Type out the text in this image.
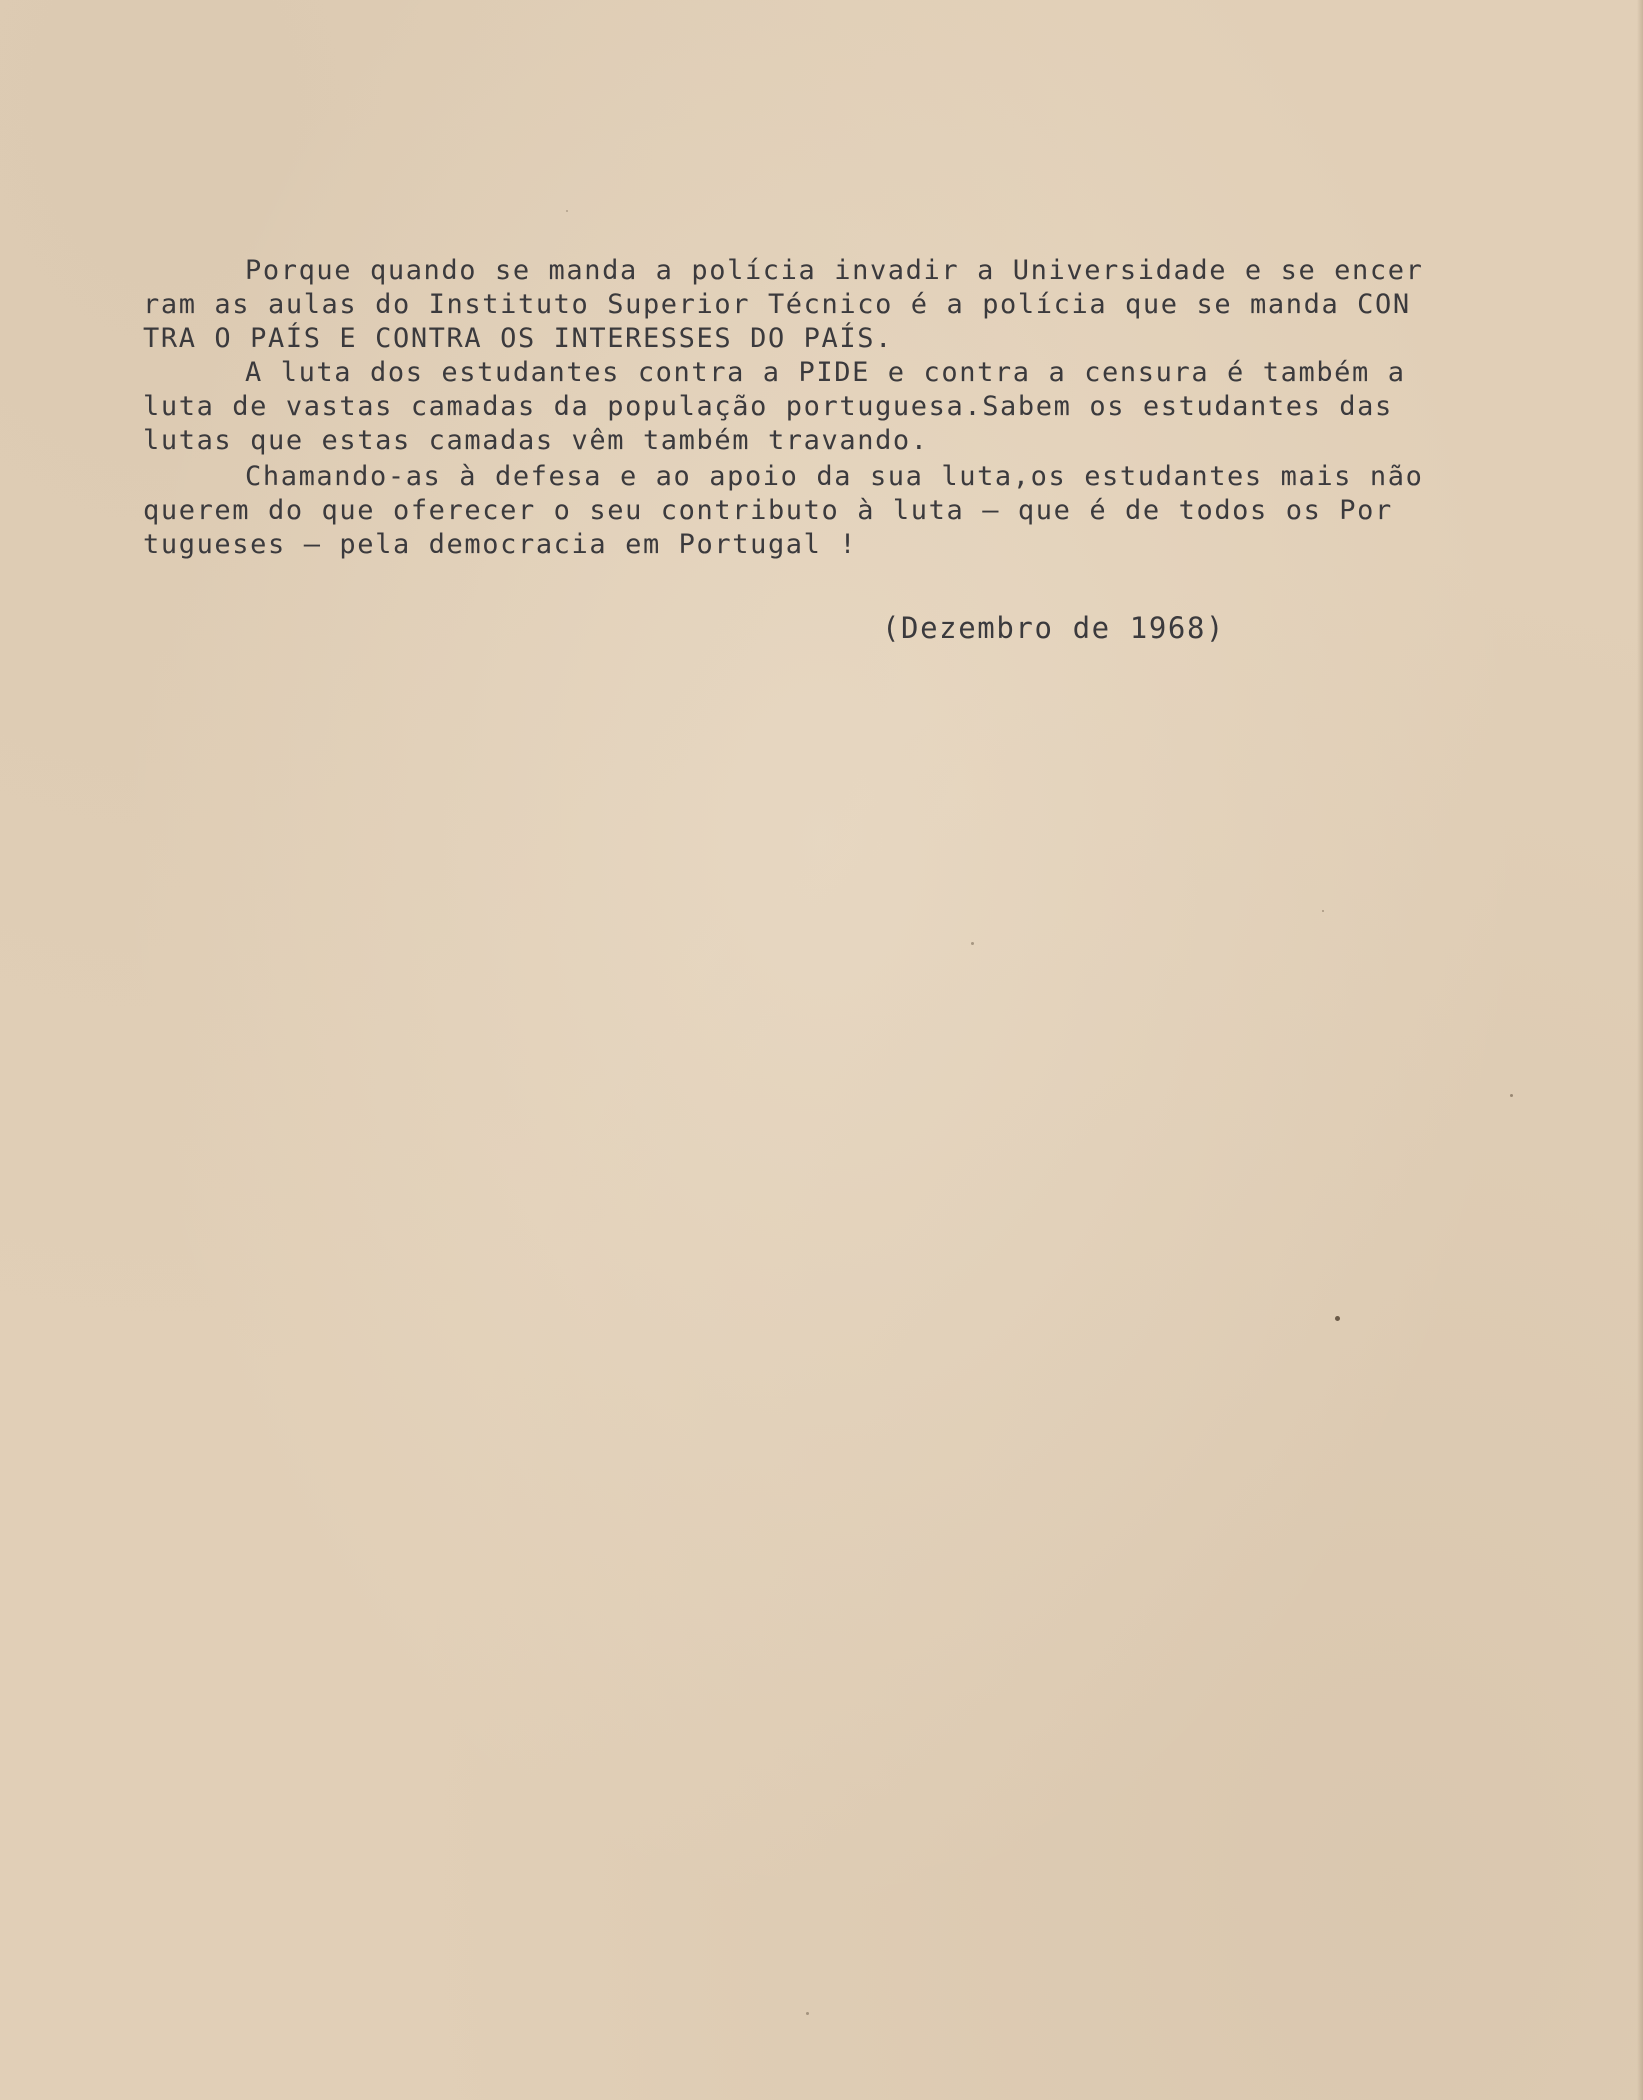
Porque quando se manda a polícia invadir a Universidade e se encer
ram as aulas do Instituto Superior Técnico é a polícia que se manda CON
TRA O PAÍS E CONTRA OS INTERESSES DO PAÍS.
A luta dos estudantes contra a PIDE e contra a censura é também a
luta de vastas camadas da população portuguesa.Sabem os estudantes das
lutas que estas camadas vêm também travando.
Chamando-as à defesa e ao apoio da sua luta,os estudantes mais não
querem do que oferecer o seu contributo à luta — que é de todos os Por
tugueses — pela democracia em Portugal !
(Dezembro de 1968)
